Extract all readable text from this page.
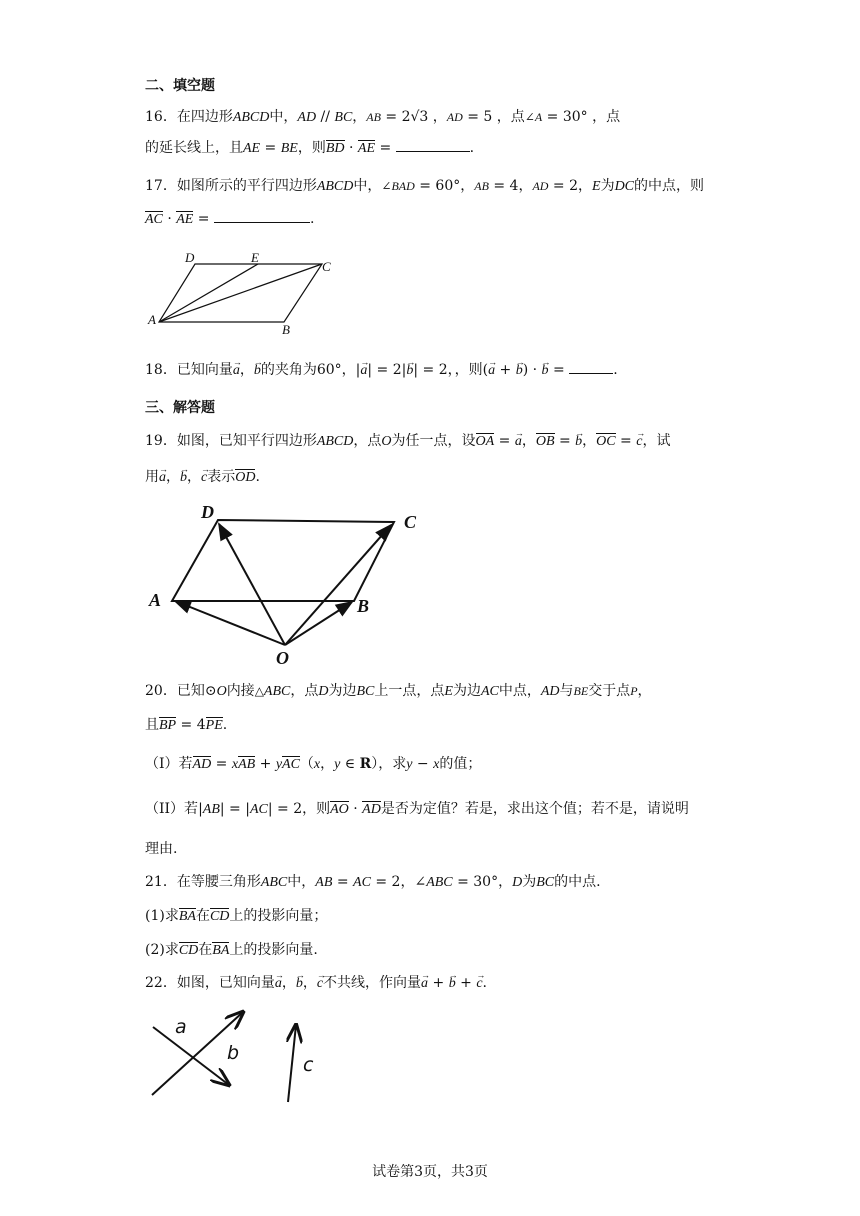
二、填空题
16．在四边形ABCD中，AD // BC，AB = 2√3 ，AD = 5 ，点∠A = 30° ，点
的延长线上，且AE = BE，则BD · AE =	.
17．如图所示的平行四边形ABCD中，∠BAD = 60°，AB = 4，AD = 2，E为DC的中点，则
AC · AE =	.
D	E
C
A
B
18．已知向量→ a，→ b的夹角为60°，|→ a| = 2|→ b| = 2，，则(→ a + → b) · → b =	.
三、解答题
19．如图，已知平行四边形ABCD，点O为任一点，设OA = → a，OB = → b，OC = → c，试
用→ a，→ b，→ c表示OD.
D	C
A	B
O
20．已知⊙O内接△ABC，点D为边BC上一点，点E为边AC中点，AD与BE交于点P，
且BP = 4PE.
（I）若AD = xAB + yAC（x，y ∈ R），求y − x的值；
（II）若|AB| = |AC| = 2，则AO · AD是否为定值？若是，求出这个值；若不是，请说明
理由.
21．在等腰三角形ABC中，AB = AC = 2，∠ABC = 30°，D为BC的中点.
(1)求BA在CD上的投影向量；
(2)求CD在BA上的投影向量.
22．如图，已知向量→ a，→ b，→ c不共线，作向量→ a + → b + → c.
a
b
c
试卷第3页，共3页
